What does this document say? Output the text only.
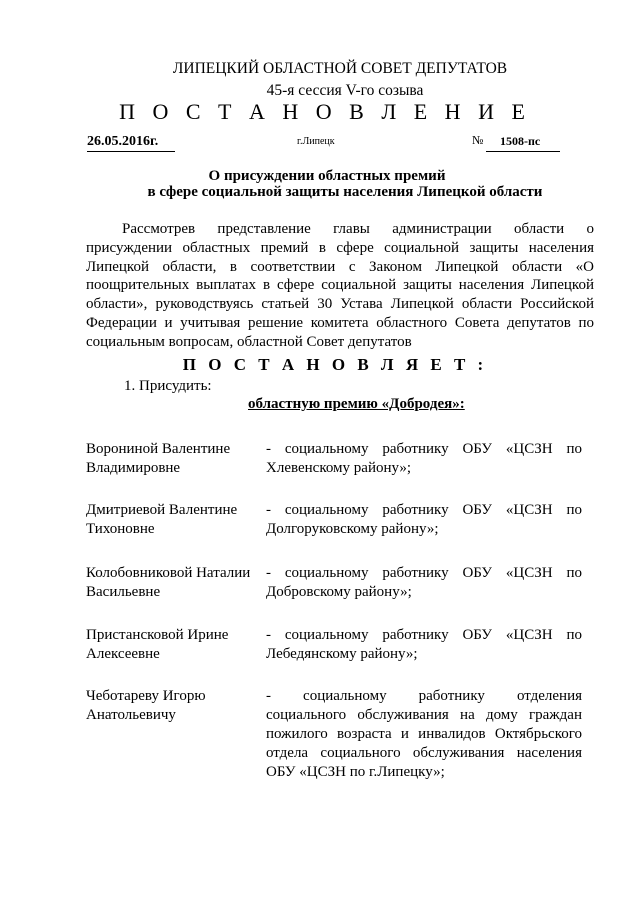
ЛИПЕЦКИЙ ОБЛАСТНОЙ СОВЕТ ДЕПУТАТОВ
45-я сессия V-го созыва
П О С Т А Н О В Л Е Н И Е
26.05.2016г.	г.Липецк	№	1508-пс
О присуждении областных премий
в сфере социальной защиты населения Липецкой области
Рассмотрев представление главы администрации области о
присуждении областных премий в сфере социальной защиты населения
Липецкой области, в соответствии с Законом Липецкой области «О
поощрительных выплатах в сфере социальной защиты населения Липецкой
области», руководствуясь статьей 30 Устава Липецкой области Российской
Федерации и учитывая решение комитета областного Совета депутатов по
социальным вопросам, областной Совет депутатов
П О С Т А Н О В Л Я Е Т :
1. Присудить:
областную премию «Добродея»:
Ворониной Валентине
Владимировне
- социальному работнику ОБУ «ЦСЗН по
Хлевенскому району»;
Дмитриевой Валентине
Тихоновне
- социальному работнику ОБУ «ЦСЗН по
Долгоруковскому району»;
Колобовниковой Наталии
Васильевне
- социальному работнику ОБУ «ЦСЗН по
Добровскому району»;
Пристансковой Ирине
Алексеевне
- социальному работнику ОБУ «ЦСЗН по
Лебедянскому району»;
Чеботареву Игорю
Анатольевичу
- социальному работнику отделения
социального обслуживания на дому граждан
пожилого возраста и инвалидов Октябрьского
отдела социального обслуживания населения
ОБУ «ЦСЗН по г.Липецку»;
